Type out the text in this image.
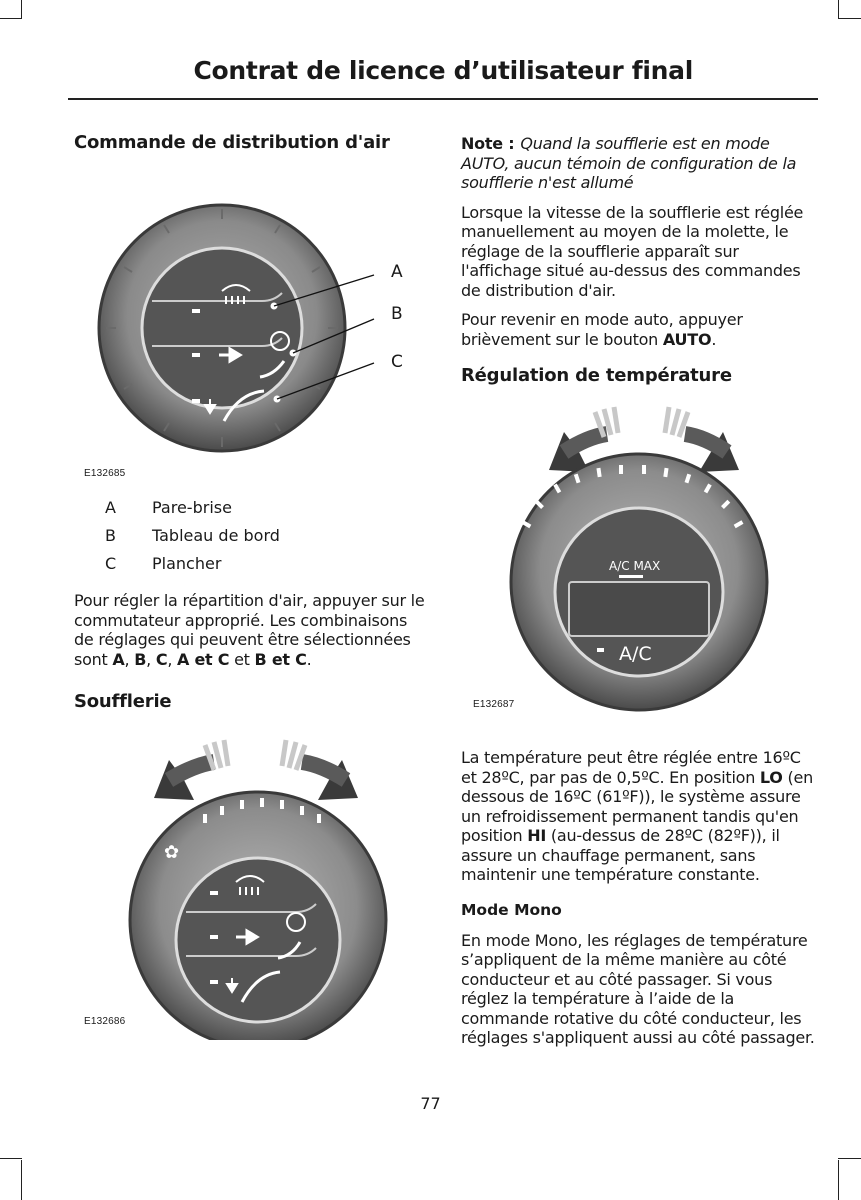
Contrat de licence d’utilisateur final
Commande de distribution d'air
A
B
C
E132685
A	Pare-brise
B	Tableau de bord
C	Plancher

Pour régler la répartition d'air, appuyer sur le commutateur approprié. Les combinaisons de réglages qui peuvent être sélectionnées sont A, B, C, A et C et B et C.

Soufflerie
✿
E132686

Note : Quand la soufflerie est en mode AUTO, aucun témoin de configuration de la soufflerie n'est allumé

Lorsque la vitesse de la soufflerie est réglée manuellement au moyen de la molette, le réglage de la soufflerie apparaît sur l'affichage situé au-dessus des commandes de distribution d'air.

Pour revenir en mode auto, appuyer brièvement sur le bouton AUTO.

Régulation de température
A/C MAX
A/C
E132687

La température peut être réglée entre 16ºC et 28ºC, par pas de 0,5ºC. En position LO (en dessous de 16ºC (61ºF)), le système assure un refroidissement permanent tandis qu'en position HI (au-dessus de 28ºC (82ºF)), il assure un chauffage permanent, sans maintenir une température constante.

Mode Mono

En mode Mono, les réglages de température s’appliquent de la même manière au côté conducteur et au côté passager. Si vous réglez la température à l’aide de la commande rotative du côté conducteur, les réglages s'appliquent aussi au côté passager.

77
